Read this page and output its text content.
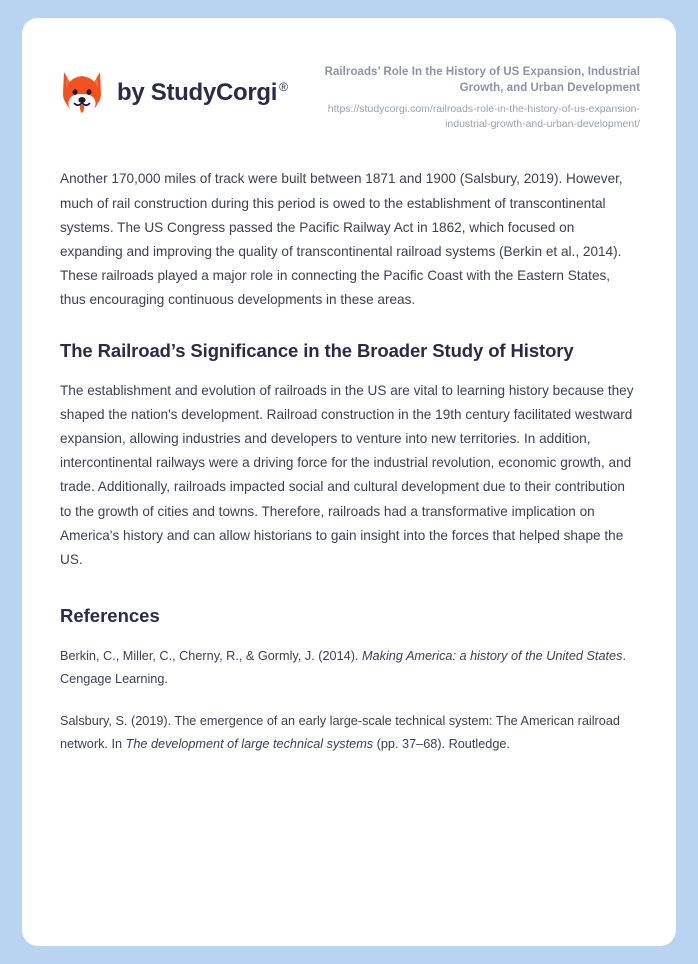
by StudyCorgi ®
Railroads’ Role In the History of US Expansion, Industrial Growth, and Urban Development
https://studycorgi.com/railroads-role-in-the-history-of-us-expansion-industrial-growth-and-urban-development/

Another 170,000 miles of track were built between 1871 and 1900 (Salsbury, 2019). However, much of rail construction during this period is owed to the establishment of transcontinental systems. The US Congress passed the Pacific Railway Act in 1862, which focused on expanding and improving the quality of transcontinental railroad systems (Berkin et al., 2014). These railroads played a major role in connecting the Pacific Coast with the Eastern States, thus encouraging continuous developments in these areas.

The Railroad’s Significance in the Broader Study of History

The establishment and evolution of railroads in the US are vital to learning history because they shaped the nation's development. Railroad construction in the 19th century facilitated westward expansion, allowing industries and developers to venture into new territories. In addition, intercontinental railways were a driving force for the industrial revolution, economic growth, and trade. Additionally, railroads impacted social and cultural development due to their contribution to the growth of cities and towns. Therefore, railroads had a transformative implication on America's history and can allow historians to gain insight into the forces that helped shape the US.

References

Berkin, C., Miller, C., Cherny, R., & Gormly, J. (2014). Making America: a history of the United States. Cengage Learning.

Salsbury, S. (2019). The emergence of an early large-scale technical system: The American railroad network. In The development of large technical systems (pp. 37–68). Routledge.
